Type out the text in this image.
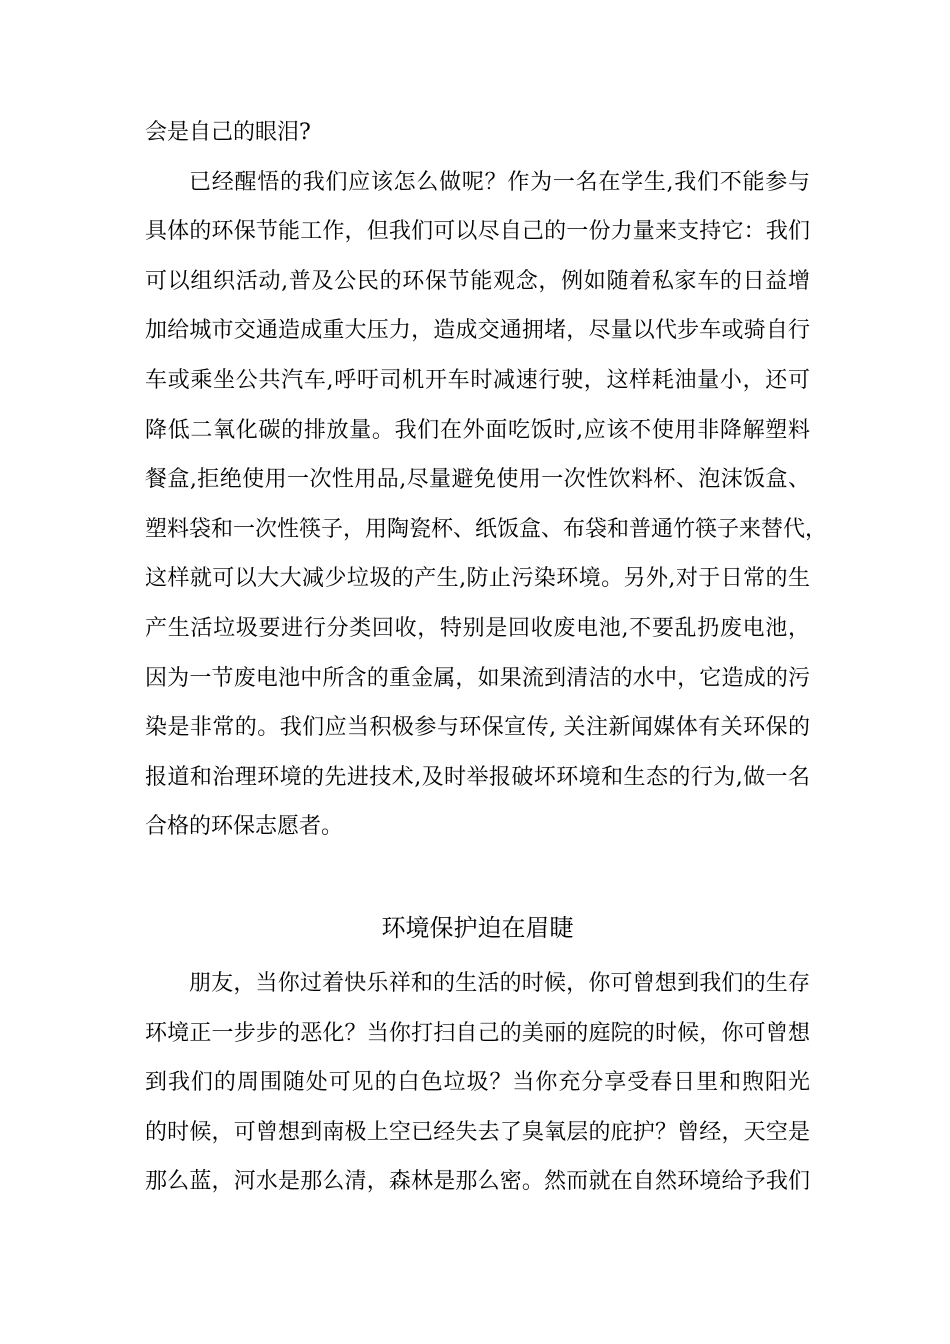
会是自己的眼泪?
已经醒悟的我们应该怎么做呢？作为一名在学生,我们不能参与
具体的环保节能工作，但我们可以尽自己的一份力量来支持它：我们
可以组织活动,普及公民的环保节能观念，例如随着私家车的日益增
加给城市交通造成重大压力，造成交通拥堵，尽量以代步车或骑自行
车或乘坐公共汽车,呼吁司机开车时减速行驶，这样耗油量小，还可
降低二氧化碳的排放量。我们在外面吃饭时,应该不使用非降解塑料
餐盒,拒绝使用一次性用品,尽量避免使用一次性饮料杯、泡沫饭盒、
塑料袋和一次性筷子，用陶瓷杯、纸饭盒、布袋和普通竹筷子来替代，
这样就可以大大减少垃圾的产生,防止污染环境。另外,对于日常的生
产生活垃圾要进行分类回收，特别是回收废电池,不要乱扔废电池，
因为一节废电池中所含的重金属，如果流到清洁的水中，它造成的污
染是非常的。我们应当积极参与环保宣传, 关注新闻媒体有关环保的
报道和治理环境的先进技术,及时举报破坏环境和生态的行为,做一名
合格的环保志愿者。
环境保护迫在眉睫
朋友，当你过着快乐祥和的生活的时候，你可曾想到我们的生存
环境正一步步的恶化？当你打扫自己的美丽的庭院的时候，你可曾想
到我们的周围随处可见的白色垃圾？当你充分享受春日里和煦阳光
的时候，可曾想到南极上空已经失去了臭氧层的庇护？曾经，天空是
那么蓝，河水是那么清，森林是那么密。然而就在自然环境给予我们
